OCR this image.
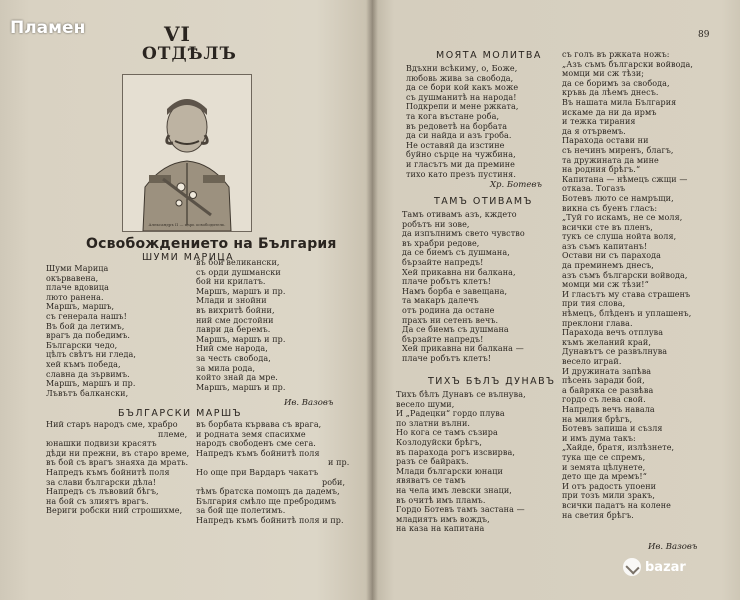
VI
ОТДѢЛЪ
Александръ II — царь освободитель.
Освобождението на България
ШУМИ МАРИЦА
Шуми Марица
окървавена,
плаче вдовица
люто ранена.
Маршъ, маршъ,
съ генерала нашъ!
Въ бой да летимъ,
врагъ да победимъ.
Български чедо,
цѣлъ свѣтъ ни гледа,
хей къмъ победа,
славна да зървимъ.
Маршъ, маршъ и пр.
Лъвътъ балкански,
въ бой великански,
съ орди душмански
бой ни крилатъ.
Маршъ, маршъ и пр.
Млади и знойни
въ вихритѣ бойни,
ний сме достойни
лаври да беремъ.
Маршъ, маршъ и пр.
Ний сме народа,
за честь свобода,
за мила рода,
който знай да мре.
Маршъ, маршъ и пр.
Ив. Вазовъ
БЪЛГАРСКИ МАРШЪ
Ний старъ народъ сме, храбро
племе,
юнашки подвизи красятъ
дѣди ни прежни, въ старо време,
въ бой съ врагъ знаяха да мрать.
Напредъ къмъ бойнитѣ поля
за слави български дѣла!
Напредъ съ лъвовий бѣгъ,
на бой съ злиятъ врагъ.
Вериги робски ний строшихме,
въ борбата кървава съ врага,
и родната земя спасихме
народъ свободенъ сме сега.
Напредъ къмъ бойнитѣ поля
и пр.
Но още при Вардаръ чакатъ
роби,
тѣмъ братска помощъ да дадемъ,
България смѣло ще пребродимъ
за бой ще полетимъ.
Напредъ къмъ бойнитѣ поля и пр.
89
МОЯТА МОЛИТВА
Вдъхни всѣкиму, о, Боже,
любовь жива за свобода,
да се бори кой какъ може
съ душманитѣ на народа!
Подкрепи и мене ржката,
та кога въстане роба,
въ редоветѣ на борбата
да си найда и азъ гроба.
Не оставяй да изстине
буйно сърце на чужбина,
и гласътъ ми да премине
тихо като презъ пустиня.
Хр. Ботевъ
ТАМЪ ОТИВАМЪ
Тамъ отивамъ азъ, кждето
робътъ ни зове,
да изпълнимъ свето чувство
въ храбри редове,
да се биемъ съ душмана,
бързайте напредъ!
Хей прикавна ни балкана,
плаче робътъ клетъ!
Намъ борба е завещана,
та макаръ далечъ
отъ родина да остане
прахъ ни сетенъ вечъ.
Да се биемъ съ душмана
бързайте напредъ!
Хей прикавна ни балкана —
плаче робътъ клетъ!
ТИХЪ БѢЛЪ ДУНАВЪ
Тихъ бѣлъ Дунавъ се вълнува,
весело шуми,
И „Радецки“ гордо плува
по златни вълни.
Но кога се тамъ съзира
Козлодуйски брѣгъ,
въ парахода рогъ изсвирва,
разъ се байракъ.
Млади български юнаци
явяватъ се тамъ
на чела имъ левски знаци,
въ очитѣ имъ пламъ.
Гордо Ботевъ тамъ застана —
младиятъ имъ вождъ,
на каза на капитана
съ голъ въ ржката ножъ:
„Азъ съмъ български войвода,
момци ми сж тѣзи;
да се боримъ за свобода,
кръвь да лѣемъ днесъ.
Въ нашата мила България
искаме да ни да ирмъ
и тежка тирания
да я отървемъ.
Парахода остави ни
съ нечинъ миренъ, благъ,
та дружината да мине
на родния брѣгъ.“
Капитана — нѣмецъ сжщи —
отказа. Тогазъ
Ботевъ люто се намръщи,
викна съ буенъ гласъ:
„Туй го искамъ, не се моля,
всички сте въ пленъ,
тукъ се слуша нойта воля,
азъ съмъ капитанъ!
Остави ни съ парахода
да преминемъ днесъ,
азъ съмъ български войвода,
момци ми сж тѣзи!“
И гласътъ му става страшенъ
при тия слова,
нѣмецъ, блѣденъ и уплашенъ,
преклони глава.
Парахода вечъ отплува
къмъ желаний край,
Дунавътъ се развълнува
весело играй.
И дружината запѣва
пѣсень заради бой,
а байряка се развѣва
гордо съ лева свой.
Напредъ вечъ навала
на милия брѣгъ,
Ботевъ запиша и съзля
и имъ дума такъ:
„Хайде, братя, излѣзнете,
тука ще се спремъ,
и земята цѣлунете,
дето ще да мремъ!“
И отъ радость упоени
при тозъ мили зракъ,
всички падатъ на колене
на светия брѣгъ.
Ив. Вазовъ
Пламен
bazar
